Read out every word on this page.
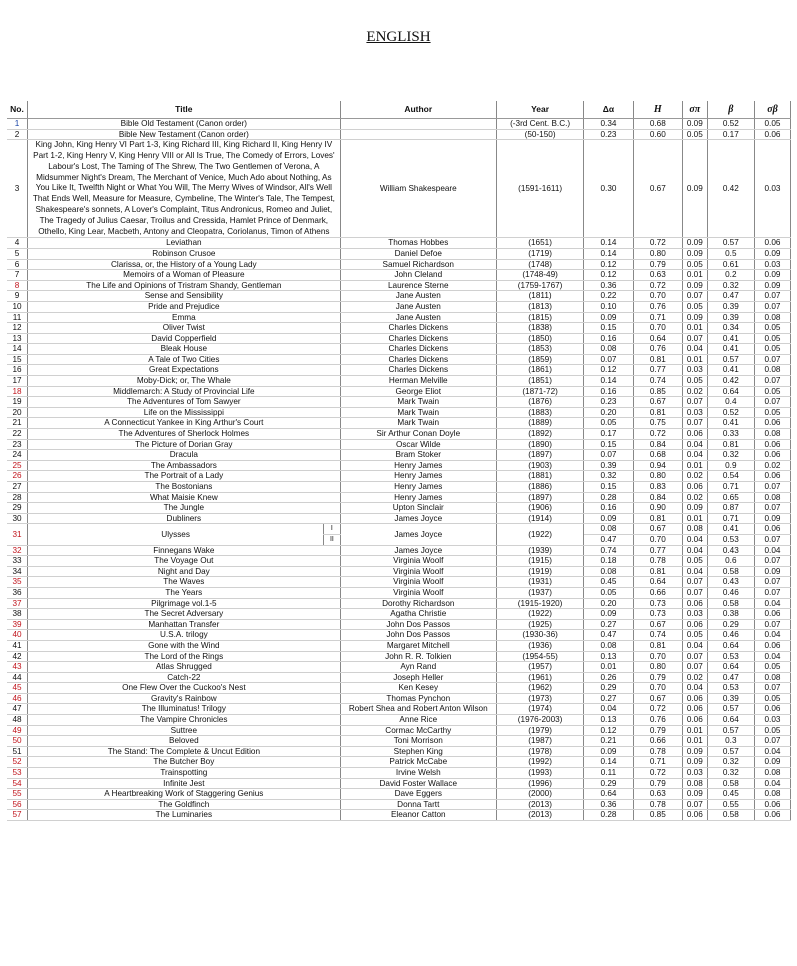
ENGLISH
No.	Title		Author	Year	Δα	H	σπ	β	σβ
1	Bible Old Testament (Canon order)			(-3rd Cent. B.C.)	0.34	0.68	0.09	0.52	0.05
2	Bible New Testament (Canon order)			(50-150)	0.23	0.60	0.05	0.17	0.06
3	King John, King Henry VI Part 1-3, King Richard III, King Richard II, King Henry IV Part 1-2, King Henry V, King Henry VIII or All Is True, The Comedy of Errors, Loves' Labour's Lost, The Taming of The Shrew, The Two Gentlemen of Verona, A Midsummer Night's Dream, The Merchant of Venice, Much Ado about Nothing, As You Like It, Twelfth Night or What You Will, The Merry Wives of Windsor, All's Well That Ends Well, Measure for Measure, Cymbeline, The Winter's Tale, The Tempest, Shakespeare's sonnets, A Lover's Complaint, Titus Andronicus, Romeo and Juliet, The Tragedy of Julius Caesar, Troilus and Cressida, Hamlet Prince of Denmark, Othello, King Lear, Macbeth, Antony and Cleopatra, Coriolanus, Timon of Athens		William Shakespeare	(1591-1611)	0.30	0.67	0.09	0.42	0.03
4	Leviathan		Thomas Hobbes	(1651)	0.14	0.72	0.09	0.57	0.06
5	Robinson Crusoe		Daniel Defoe	(1719)	0.14	0.80	0.09	0.5	0.09
6	Clarissa, or, the History of a Young Lady		Samuel Richardson	(1748)	0.12	0.79	0.05	0.61	0.03
7	Memoirs of a Woman of Pleasure		John Cleland	(1748-49)	0.12	0.63	0.01	0.2	0.09
8	The Life and Opinions of Tristram Shandy, Gentleman		Laurence Sterne	(1759-1767)	0.36	0.72	0.09	0.32	0.09
9	Sense and Sensibility		Jane Austen	(1811)	0.22	0.70	0.07	0.47	0.07
10	Pride and Prejudice		Jane Austen	(1813)	0.10	0.76	0.05	0.39	0.07
11	Emma		Jane Austen	(1815)	0.09	0.71	0.09	0.39	0.08
12	Oliver Twist		Charles Dickens	(1838)	0.15	0.70	0.01	0.34	0.05
13	David Copperfield		Charles Dickens	(1850)	0.16	0.64	0.07	0.41	0.05
14	Bleak House		Charles Dickens	(1853)	0.08	0.76	0.04	0.41	0.05
15	A Tale of Two Cities		Charles Dickens	(1859)	0.07	0.81	0.01	0.57	0.07
16	Great Expectations		Charles Dickens	(1861)	0.12	0.77	0.03	0.41	0.08
17	Moby-Dick; or, The Whale		Herman Melville	(1851)	0.14	0.74	0.05	0.42	0.07
18	Middlemarch: A Study of Provincial Life		George Eliot	(1871-72)	0.16	0.85	0.02	0.64	0.05
19	The Adventures of Tom Sawyer		Mark Twain	(1876)	0.23	0.67	0.07	0.4	0.07
20	Life on the Mississippi		Mark Twain	(1883)	0.20	0.81	0.03	0.52	0.05
21	A Connecticut Yankee in King Arthur's Court		Mark Twain	(1889)	0.05	0.75	0.07	0.41	0.06
22	The Adventures of Sherlock Holmes		Sir Arthur Conan Doyle	(1892)	0.17	0.72	0.06	0.33	0.08
23	The Picture of Dorian Gray		Oscar Wilde	(1890)	0.15	0.84	0.04	0.81	0.06
24	Dracula		Bram Stoker	(1897)	0.07	0.68	0.04	0.32	0.06
25	The Ambassadors		Henry James	(1903)	0.39	0.94	0.01	0.9	0.02
26	The Portrait of a Lady		Henry James	(1881)	0.32	0.80	0.02	0.54	0.06
27	The Bostonians		Henry James	(1886)	0.15	0.83	0.06	0.71	0.07
28	What Maisie Knew		Henry James	(1897)	0.28	0.84	0.02	0.65	0.08
29	The Jungle		Upton Sinclair	(1906)	0.16	0.90	0.09	0.87	0.07
30	Dubliners		James Joyce	(1914)	0.09	0.81	0.01	0.71	0.09
31	Ulysses	I	James Joyce	(1922)	0.08	0.67	0.08	0.41	0.06
		II			0.47	0.70	0.04	0.53	0.07
32	Finnegans Wake		James Joyce	(1939)	0.74	0.77	0.04	0.43	0.04
33	The Voyage Out		Virginia Woolf	(1915)	0.18	0.78	0.05	0.6	0.07
34	Night and Day		Virginia Woolf	(1919)	0.08	0.81	0.04	0.58	0.09
35	The Waves		Virginia Woolf	(1931)	0.45	0.64	0.07	0.43	0.07
36	The Years		Virginia Woolf	(1937)	0.05	0.66	0.07	0.46	0.07
37	Pilgrimage vol.1-5		Dorothy Richardson	(1915-1920)	0.20	0.73	0.06	0.58	0.04
38	The Secret Adversary		Agatha Christie	(1922)	0.09	0.73	0.03	0.38	0.06
39	Manhattan Transfer		John Dos Passos	(1925)	0.27	0.67	0.06	0.29	0.07
40	U.S.A. trilogy		John Dos Passos	(1930-36)	0.47	0.74	0.05	0.46	0.04
41	Gone with the Wind		Margaret Mitchell	(1936)	0.08	0.81	0.04	0.64	0.06
42	The Lord of the Rings		John R. R. Tolkien	(1954-55)	0.13	0.70	0.07	0.53	0.04
43	Atlas Shrugged		Ayn Rand	(1957)	0.01	0.80	0.07	0.64	0.05
44	Catch-22		Joseph Heller	(1961)	0.26	0.79	0.02	0.47	0.08
45	One Flew Over the Cuckoo's Nest		Ken Kesey	(1962)	0.29	0.70	0.04	0.53	0.07
46	Gravity's Rainbow		Thomas Pynchon	(1973)	0.27	0.67	0.06	0.39	0.05
47	The Illuminatus! Trilogy		Robert Shea and Robert Anton Wilson	(1974)	0.04	0.72	0.06	0.57	0.06
48	The Vampire Chronicles		Anne Rice	(1976-2003)	0.13	0.76	0.06	0.64	0.03
49	Suttree		Cormac McCarthy	(1979)	0.12	0.79	0.01	0.57	0.05
50	Beloved		Toni Morrison	(1987)	0.21	0.66	0.01	0.3	0.07
51	The Stand: The Complete & Uncut Edition		Stephen King	(1978)	0.09	0.78	0.09	0.57	0.04
52	The Butcher Boy		Patrick McCabe	(1992)	0.14	0.71	0.09	0.32	0.09
53	Trainspotting		Irvine Welsh	(1993)	0.11	0.72	0.03	0.32	0.08
54	Infinite Jest		David Foster Wallace	(1996)	0.29	0.79	0.08	0.58	0.04
55	A Heartbreaking Work of Staggering Genius		Dave Eggers	(2000)	0.64	0.63	0.09	0.45	0.08
56	The Goldfinch		Donna Tartt	(2013)	0.36	0.78	0.07	0.55	0.06
57	The Luminaries		Eleanor Catton	(2013)	0.28	0.85	0.06	0.58	0.06
